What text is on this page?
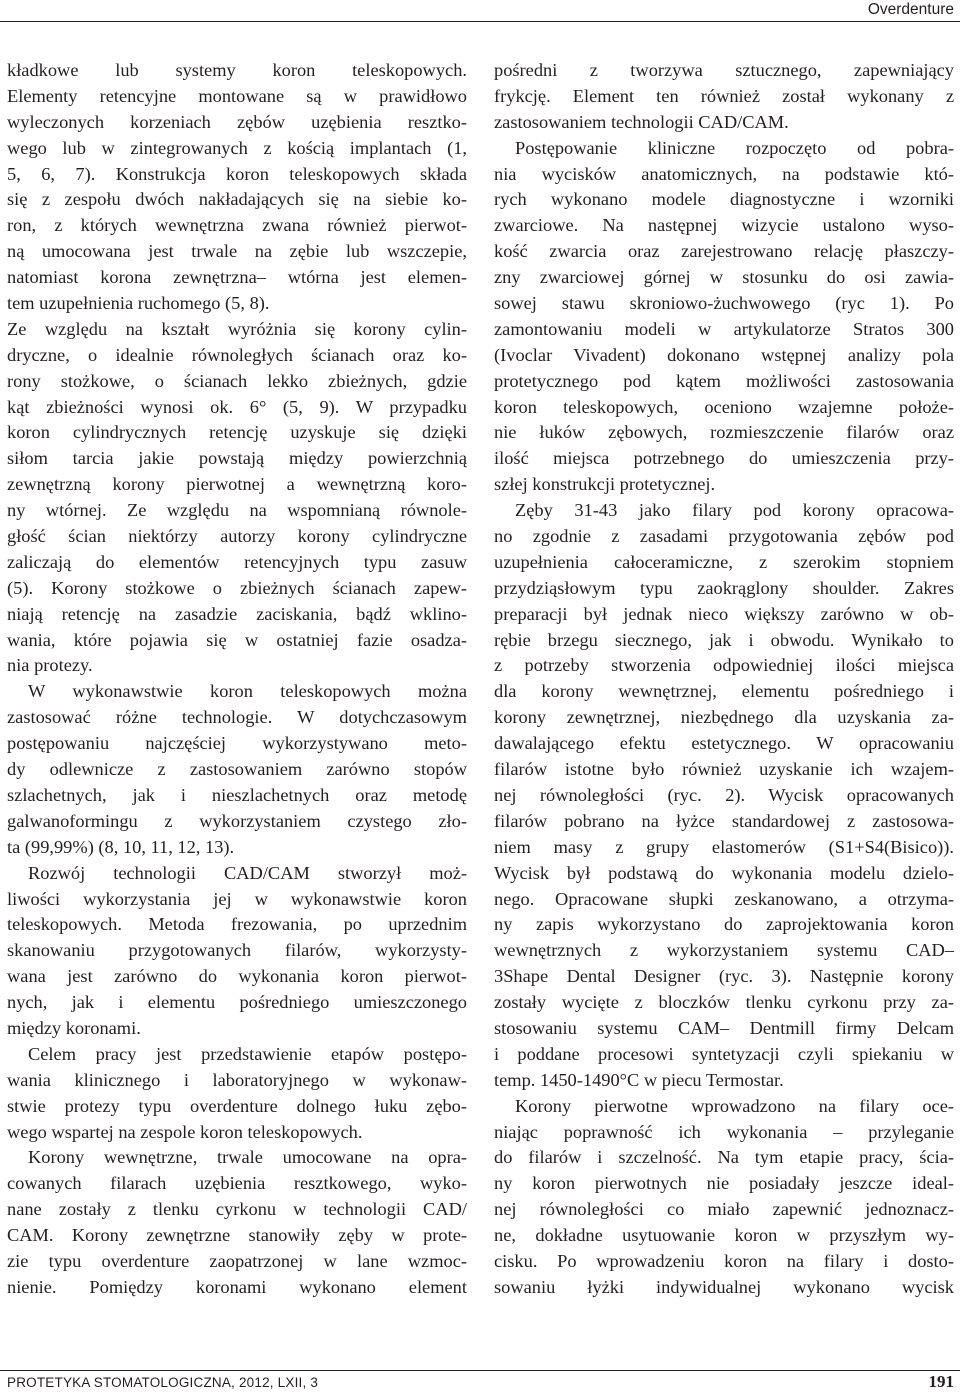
Overdenture
kładkowe lub systemy koron teleskopowych.
Elementy retencyjne montowane są w prawidłowo
wyleczonych korzeniach zębów uzębienia resztko-
wego lub w zintegrowanych z kością implantach (1,
5, 6, 7). Konstrukcja koron teleskopowych składa
się z zespołu dwóch nakładających się na siebie ko-
ron, z których wewnętrzna zwana również pierwot-
ną umocowana jest trwale na zębie lub wszczepie,
natomiast korona zewnętrzna– wtórna jest elemen-
tem uzupełnienia ruchomego (5, 8).
Ze względu na kształt wyróżnia się korony cylin-
dryczne, o idealnie równoległych ścianach oraz ko-
rony stożkowe, o ścianach lekko zbieżnych, gdzie
kąt zbieżności wynosi ok. 6° (5, 9). W przypadku
koron cylindrycznych retencję uzyskuje się dzięki
siłom tarcia jakie powstają między powierzchnią
zewnętrzną korony pierwotnej a wewnętrzną koro-
ny wtórnej. Ze względu na wspomnianą równole-
głość ścian niektórzy autorzy korony cylindryczne
zaliczają do elementów retencyjnych typu zasuw
(5). Korony stożkowe o zbieżnych ścianach zapew-
niają retencję na zasadzie zaciskania, bądź wklino-
wania, które pojawia się w ostatniej fazie osadza-
nia protezy.
W wykonawstwie koron teleskopowych można
zastosować różne technologie. W dotychczasowym
postępowaniu najczęściej wykorzystywano meto-
dy odlewnicze z zastosowaniem zarówno stopów
szlachetnych, jak i nieszlachetnych oraz metodę
galwanoformingu z wykorzystaniem czystego zło-
ta (99,99%) (8, 10, 11, 12, 13).
Rozwój technologii CAD/CAM stworzył moż-
liwości wykorzystania jej w wykonawstwie koron
teleskopowych. Metoda frezowania, po uprzednim
skanowaniu przygotowanych filarów, wykorzysty-
wana jest zarówno do wykonania koron pierwot-
nych, jak i elementu pośredniego umieszczonego
między koronami.
Celem pracy jest przedstawienie etapów postępo-
wania klinicznego i laboratoryjnego w wykonaw-
stwie protezy typu overdenture dolnego łuku zębo-
wego wspartej na zespole koron teleskopowych.
Korony wewnętrzne, trwale umocowane na opra-
cowanych filarach uzębienia resztkowego, wyko-
nane zostały z tlenku cyrkonu w technologii CAD/
CAM. Korony zewnętrzne stanowiły zęby w prote-
zie typu overdenture zaopatrzonej w lane wzmoc-
nienie. Pomiędzy koronami wykonano element
pośredni z tworzywa sztucznego, zapewniający
frykcję. Element ten również został wykonany z
zastosowaniem technologii CAD/CAM.
Postępowanie kliniczne rozpoczęto od pobra-
nia wycisków anatomicznych, na podstawie któ-
rych wykonano modele diagnostyczne i wzorniki
zwarciowe. Na następnej wizycie ustalono wyso-
kość zwarcia oraz zarejestrowano relację płaszczy-
zny zwarciowej górnej w stosunku do osi zawia-
sowej stawu skroniowo-żuchwowego (ryc 1). Po
zamontowaniu modeli w artykulatorze Stratos 300
(Ivoclar Vivadent) dokonano wstępnej analizy pola
protetycznego pod kątem możliwości zastosowania
koron teleskopowych, oceniono wzajemne położe-
nie łuków zębowych, rozmieszczenie filarów oraz
ilość miejsca potrzebnego do umieszczenia przy-
szłej konstrukcji protetycznej.
Zęby 31-43 jako filary pod korony opracowa-
no zgodnie z zasadami przygotowania zębów pod
uzupełnienia całoceramiczne, z szerokim stopniem
przydziąsłowym typu zaokrąglony shoulder. Zakres
preparacji był jednak nieco większy zarówno w ob-
rębie brzegu siecznego, jak i obwodu. Wynikało to
z potrzeby stworzenia odpowiedniej ilości miejsca
dla korony wewnętrznej, elementu pośredniego i
korony zewnętrznej, niezbędnego dla uzyskania za-
dawalającego efektu estetycznego. W opracowaniu
filarów istotne było również uzyskanie ich wzajem-
nej równoległości (ryc. 2). Wycisk opracowanych
filarów pobrano na łyżce standardowej z zastosowa-
niem masy z grupy elastomerów (S1+S4(Bisico)).
Wycisk był podstawą do wykonania modelu dzielo-
nego. Opracowane słupki zeskanowano, a otrzyma-
ny zapis wykorzystano do zaprojektowania koron
wewnętrznych z wykorzystaniem systemu CAD–
3Shape Dental Designer (ryc. 3). Następnie korony
zostały wycięte z bloczków tlenku cyrkonu przy za-
stosowaniu systemu CAM– Dentmill firmy Delcam
i poddane procesowi syntetyzacji czyli spiekaniu w
temp. 1450-1490°C w piecu Termostar.
Korony pierwotne wprowadzono na filary oce-
niając poprawność ich wykonania – przyleganie
do filarów i szczelność. Na tym etapie pracy, ścia-
ny koron pierwotnych nie posiadały jeszcze ideal-
nej równoległości co miało zapewnić jednoznacz-
ne, dokładne usytuowanie koron w przyszłym wy-
cisku. Po wprowadzeniu koron na filary i dosto-
sowaniu łyżki indywidualnej wykonano wycisk
PROTETYKA STOMATOLOGICZNA, 2012, LXII, 3	191
